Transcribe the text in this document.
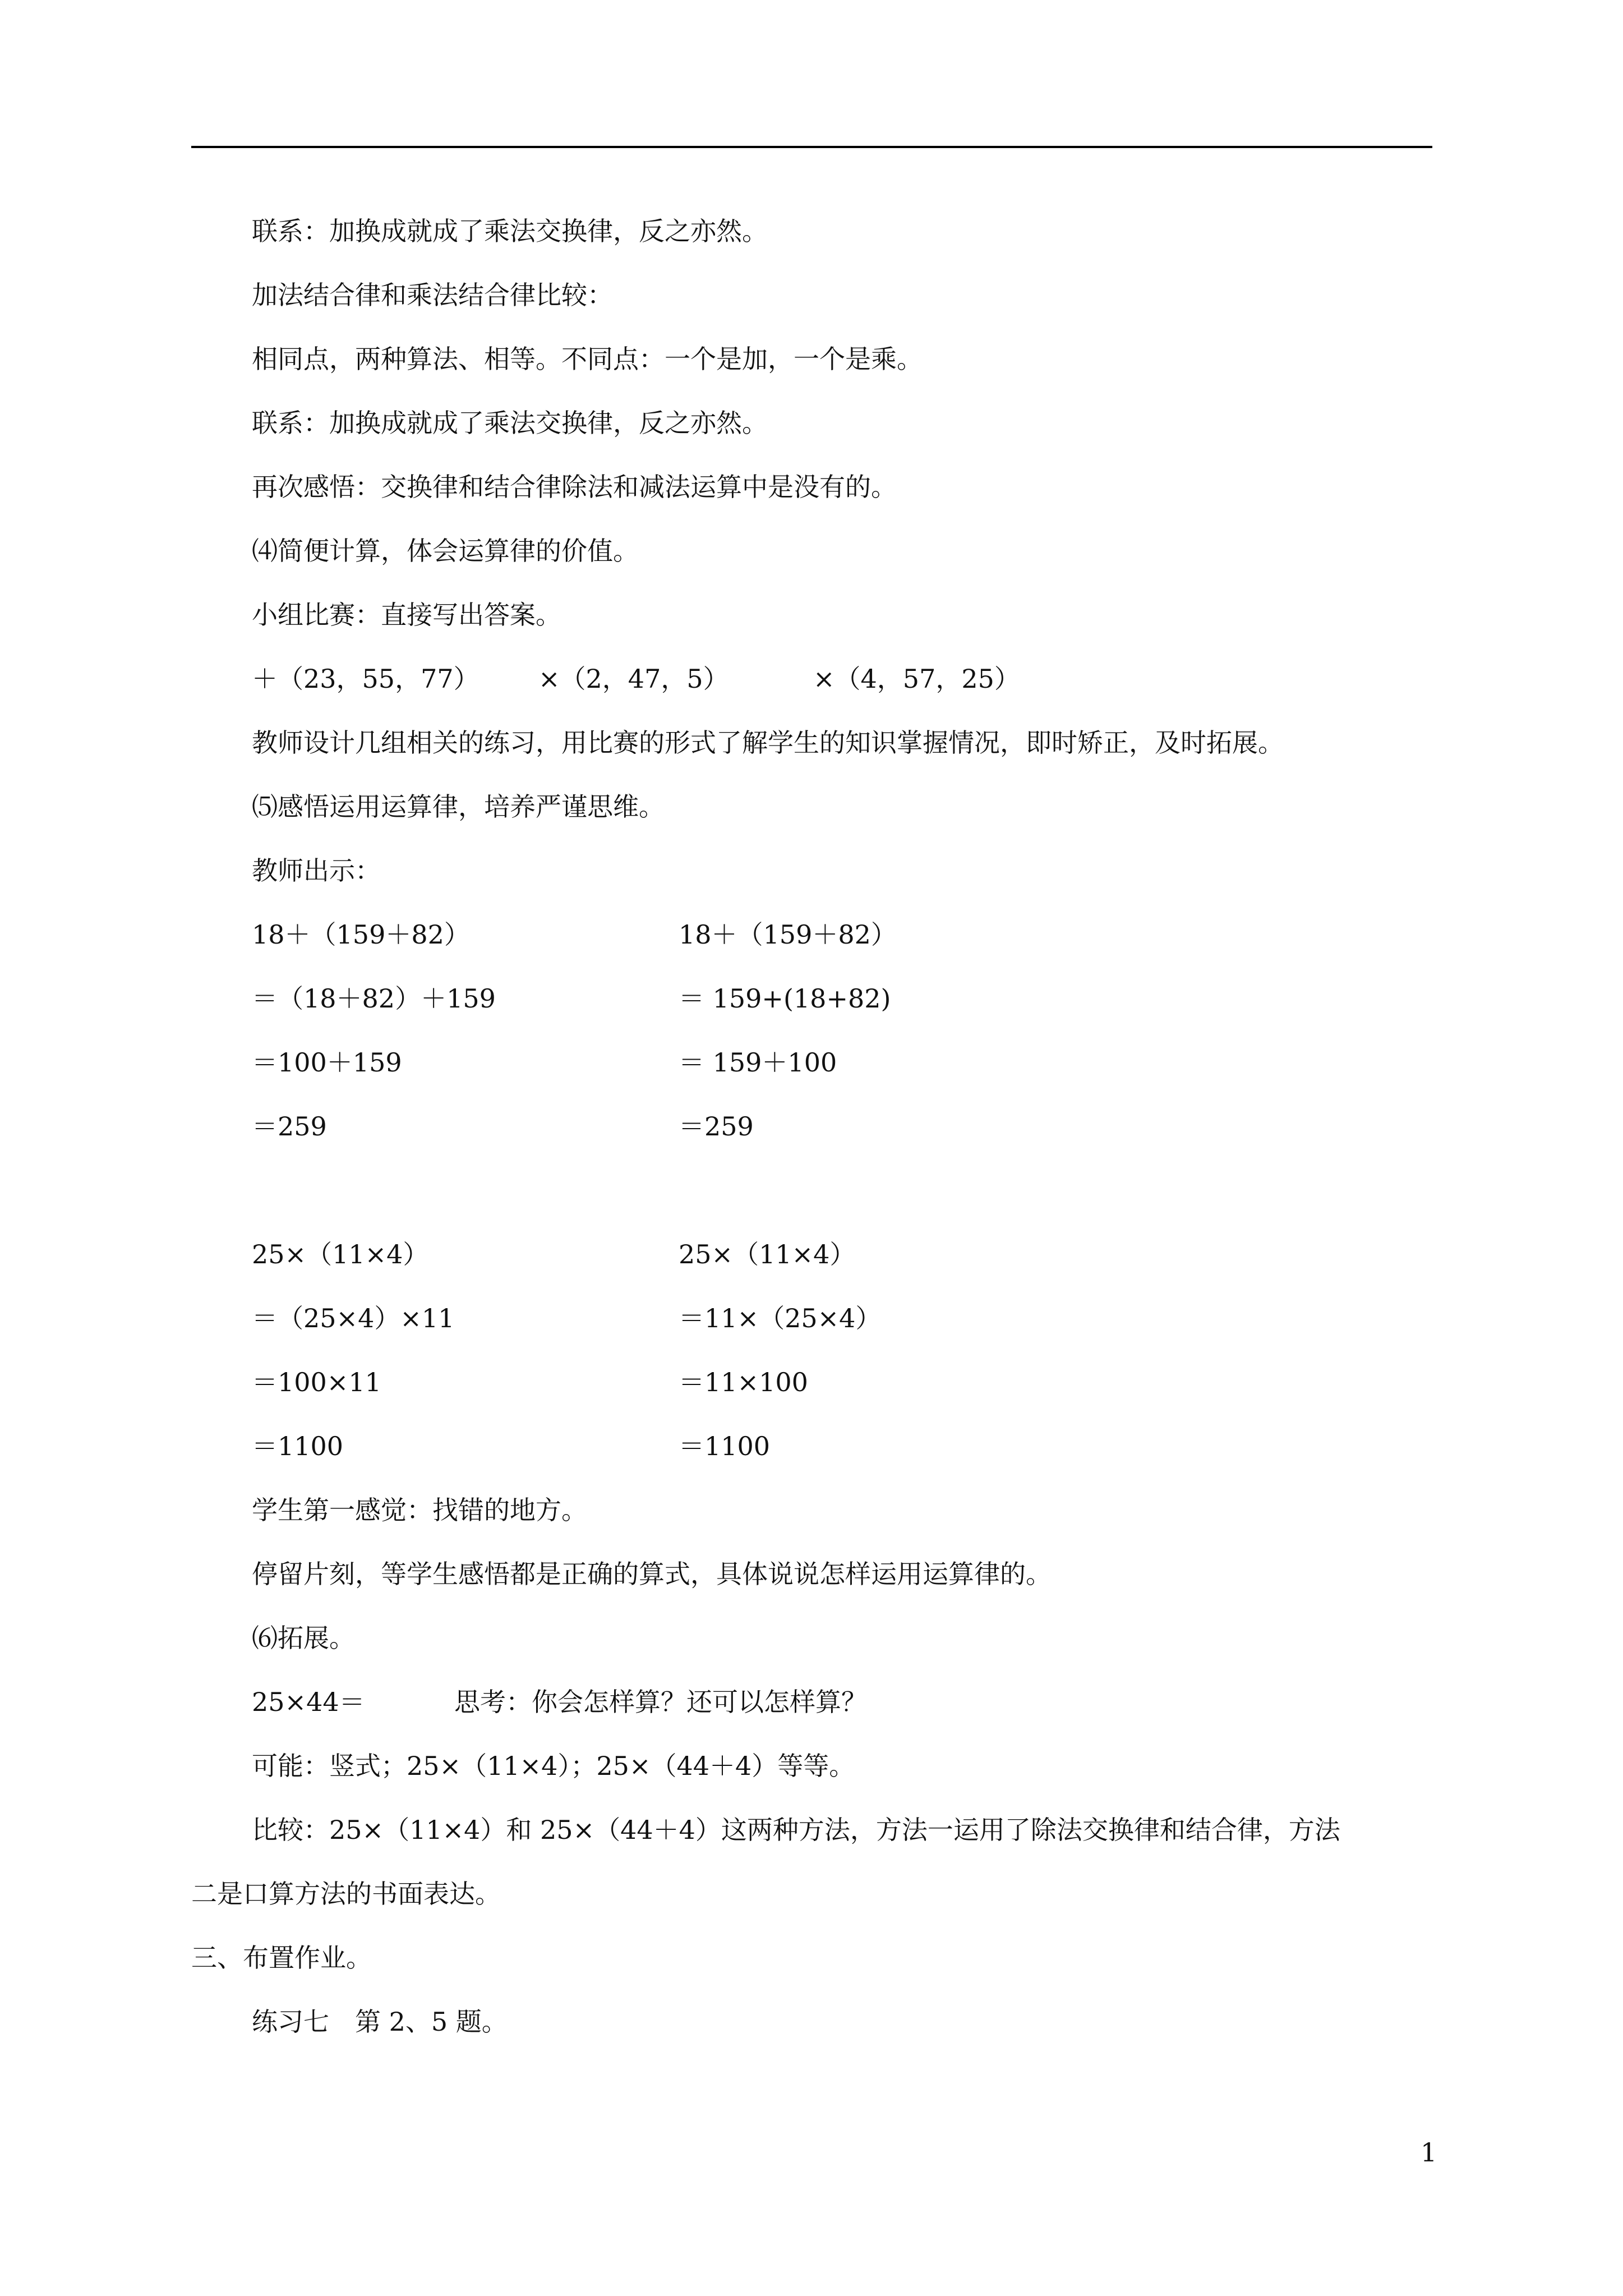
联系：加换成就成了乘法交换律，反之亦然。
加法结合律和乘法结合律比较：
相同点，两种算法、相等。不同点：一个是加，一个是乘。
联系：加换成就成了乘法交换律，反之亦然。
再次感悟：交换律和结合律除法和减法运算中是没有的。
⑷简便计算，体会运算律的价值。
小组比赛：直接写出答案。
＋（23，55，77） ×（2，47，5）	×（4，57，25）
教师设计几组相关的练习，用比赛的形式了解学生的知识掌握情况，即时矫正，及时拓展。
⑸感悟运用运算律，培养严谨思维。
教师出示：
18＋（159＋82）
＝（18＋82）＋159
＝100＋159
＝259
18＋（159＋82）
＝ 159+(18+82)
＝ 159＋100
＝259
25×（11×4）
＝（25×4）×11
＝100×11
＝1100
25×（11×4）
＝11×（25×4）
＝11×100
＝1100
学生第一感觉：找错的地方。
停留片刻，等学生感悟都是正确的算式，具体说说怎样运用运算律的。
⑹拓展。
25×44＝	思考：你会怎样算？还可以怎样算？
可能：竖式；25×（11×4）；25×（44＋4）等等。
比较：25×（11×4）和 25×（44＋4）这两种方法，方法一运用了除法交换律和结合律，方法
二是口算方法的书面表达。
三、布置作业。
练习七　第 2、5 题。
1
